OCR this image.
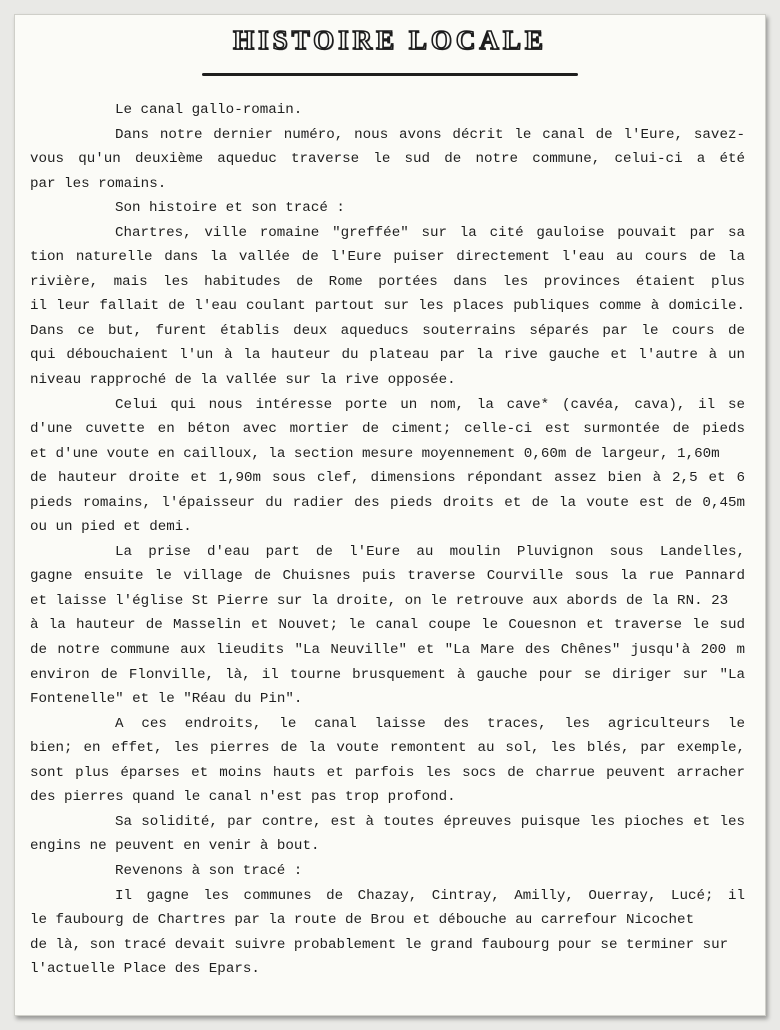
HISTOIRE LOCALE
Le canal gallo-romain.
Dans notre dernier numéro, nous avons décrit le canal de l'Eure, savez-
vous qu'un deuxième aqueduc traverse le sud de notre commune, celui-ci a été
par les romains.
Son histoire et son tracé :
Chartres, ville romaine "greffée" sur la cité gauloise pouvait par sa
tion naturelle dans la vallée de l'Eure puiser directement l'eau au cours de la
rivière, mais les habitudes de Rome portées dans les provinces étaient plus
il leur fallait de l'eau coulant partout sur les places publiques comme à domicile.
Dans ce but, furent établis deux aqueducs souterrains séparés par le cours de
qui débouchaient l'un à la hauteur du plateau par la rive gauche et l'autre à un
niveau rapproché de la vallée sur la rive opposée.
Celui qui nous intéresse porte un nom, la cave* (cavéa, cava), il se
d'une cuvette en béton avec mortier de ciment; celle-ci est surmontée de pieds
et d'une voute en cailloux, la section mesure moyennement 0,60m de largeur, 1,60m
de hauteur droite et 1,90m sous clef, dimensions répondant assez bien à 2,5 et 6
pieds romains, l'épaisseur du radier des pieds droits et de la voute est de 0,45m
ou un pied et demi.
La prise d'eau part de l'Eure au moulin Pluvignon sous Landelles,
gagne ensuite le village de Chuisnes puis traverse Courville sous la rue Pannard
et laisse l'église St Pierre sur la droite, on le retrouve aux abords de la RN. 23
à la hauteur de Masselin et Nouvet; le canal coupe le Couesnon et traverse le sud
de notre commune aux lieudits "La Neuville" et "La Mare des Chênes" jusqu'à 200 m
environ de Flonville, là, il tourne brusquement à gauche pour se diriger sur "La
Fontenelle" et le "Réau du Pin".
A ces endroits, le canal laisse des traces, les agriculteurs le
bien; en effet, les pierres de la voute remontent au sol, les blés, par exemple,
sont plus éparses et moins hauts et parfois les socs de charrue peuvent arracher
des pierres quand le canal n'est pas trop profond.
Sa solidité, par contre, est à toutes épreuves puisque les pioches et les
engins ne peuvent en venir à bout.
Revenons à son tracé :
Il gagne les communes de Chazay, Cintray, Amilly, Ouerray, Lucé; il
le faubourg de Chartres par la route de Brou et débouche au carrefour Nicochet
de là, son tracé devait suivre probablement le grand faubourg pour se terminer sur
l'actuelle Place des Epars.
